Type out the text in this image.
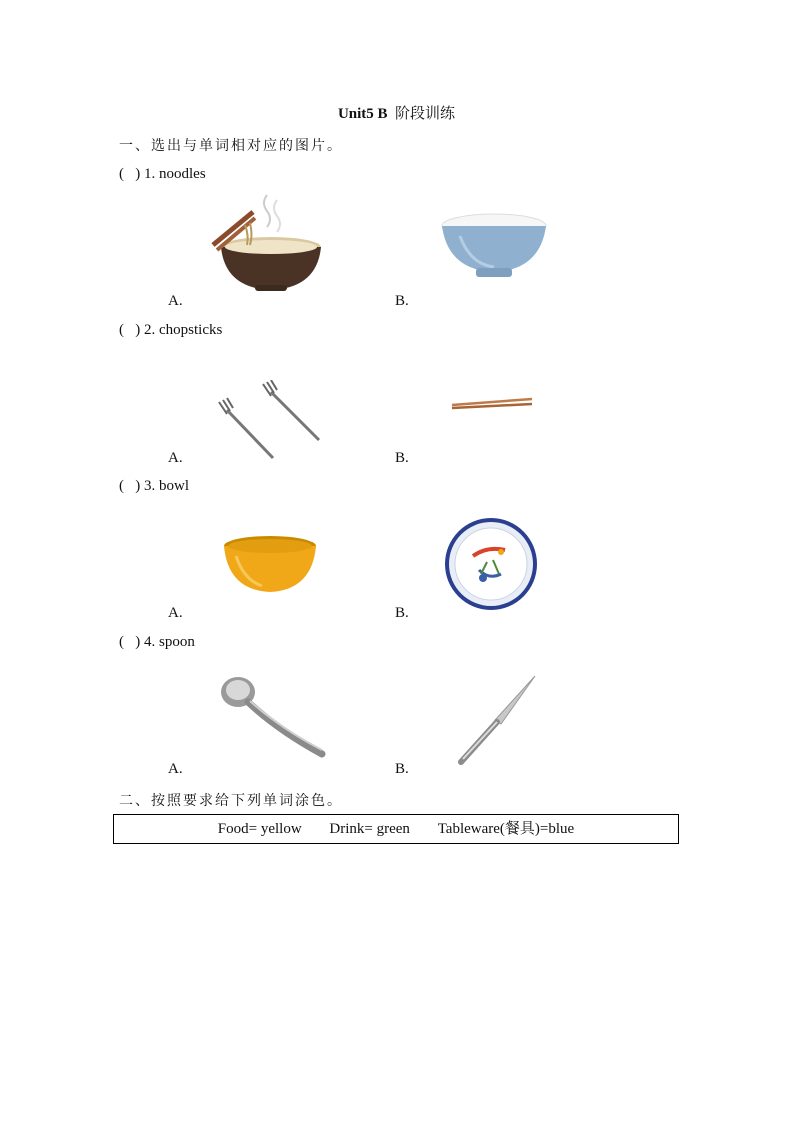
Unit5 B 阶段训练
一、选出与单词相对应的图片。
( ) 1. noodles
A.	B.
( ) 2. chopsticks
A.	B.
( ) 3. bowl
A.	B.
( ) 4. spoon
A.	B.
二、按照要求给下列单词涂色。
Food= yellow Drink= green Tableware(餐具)=blue
